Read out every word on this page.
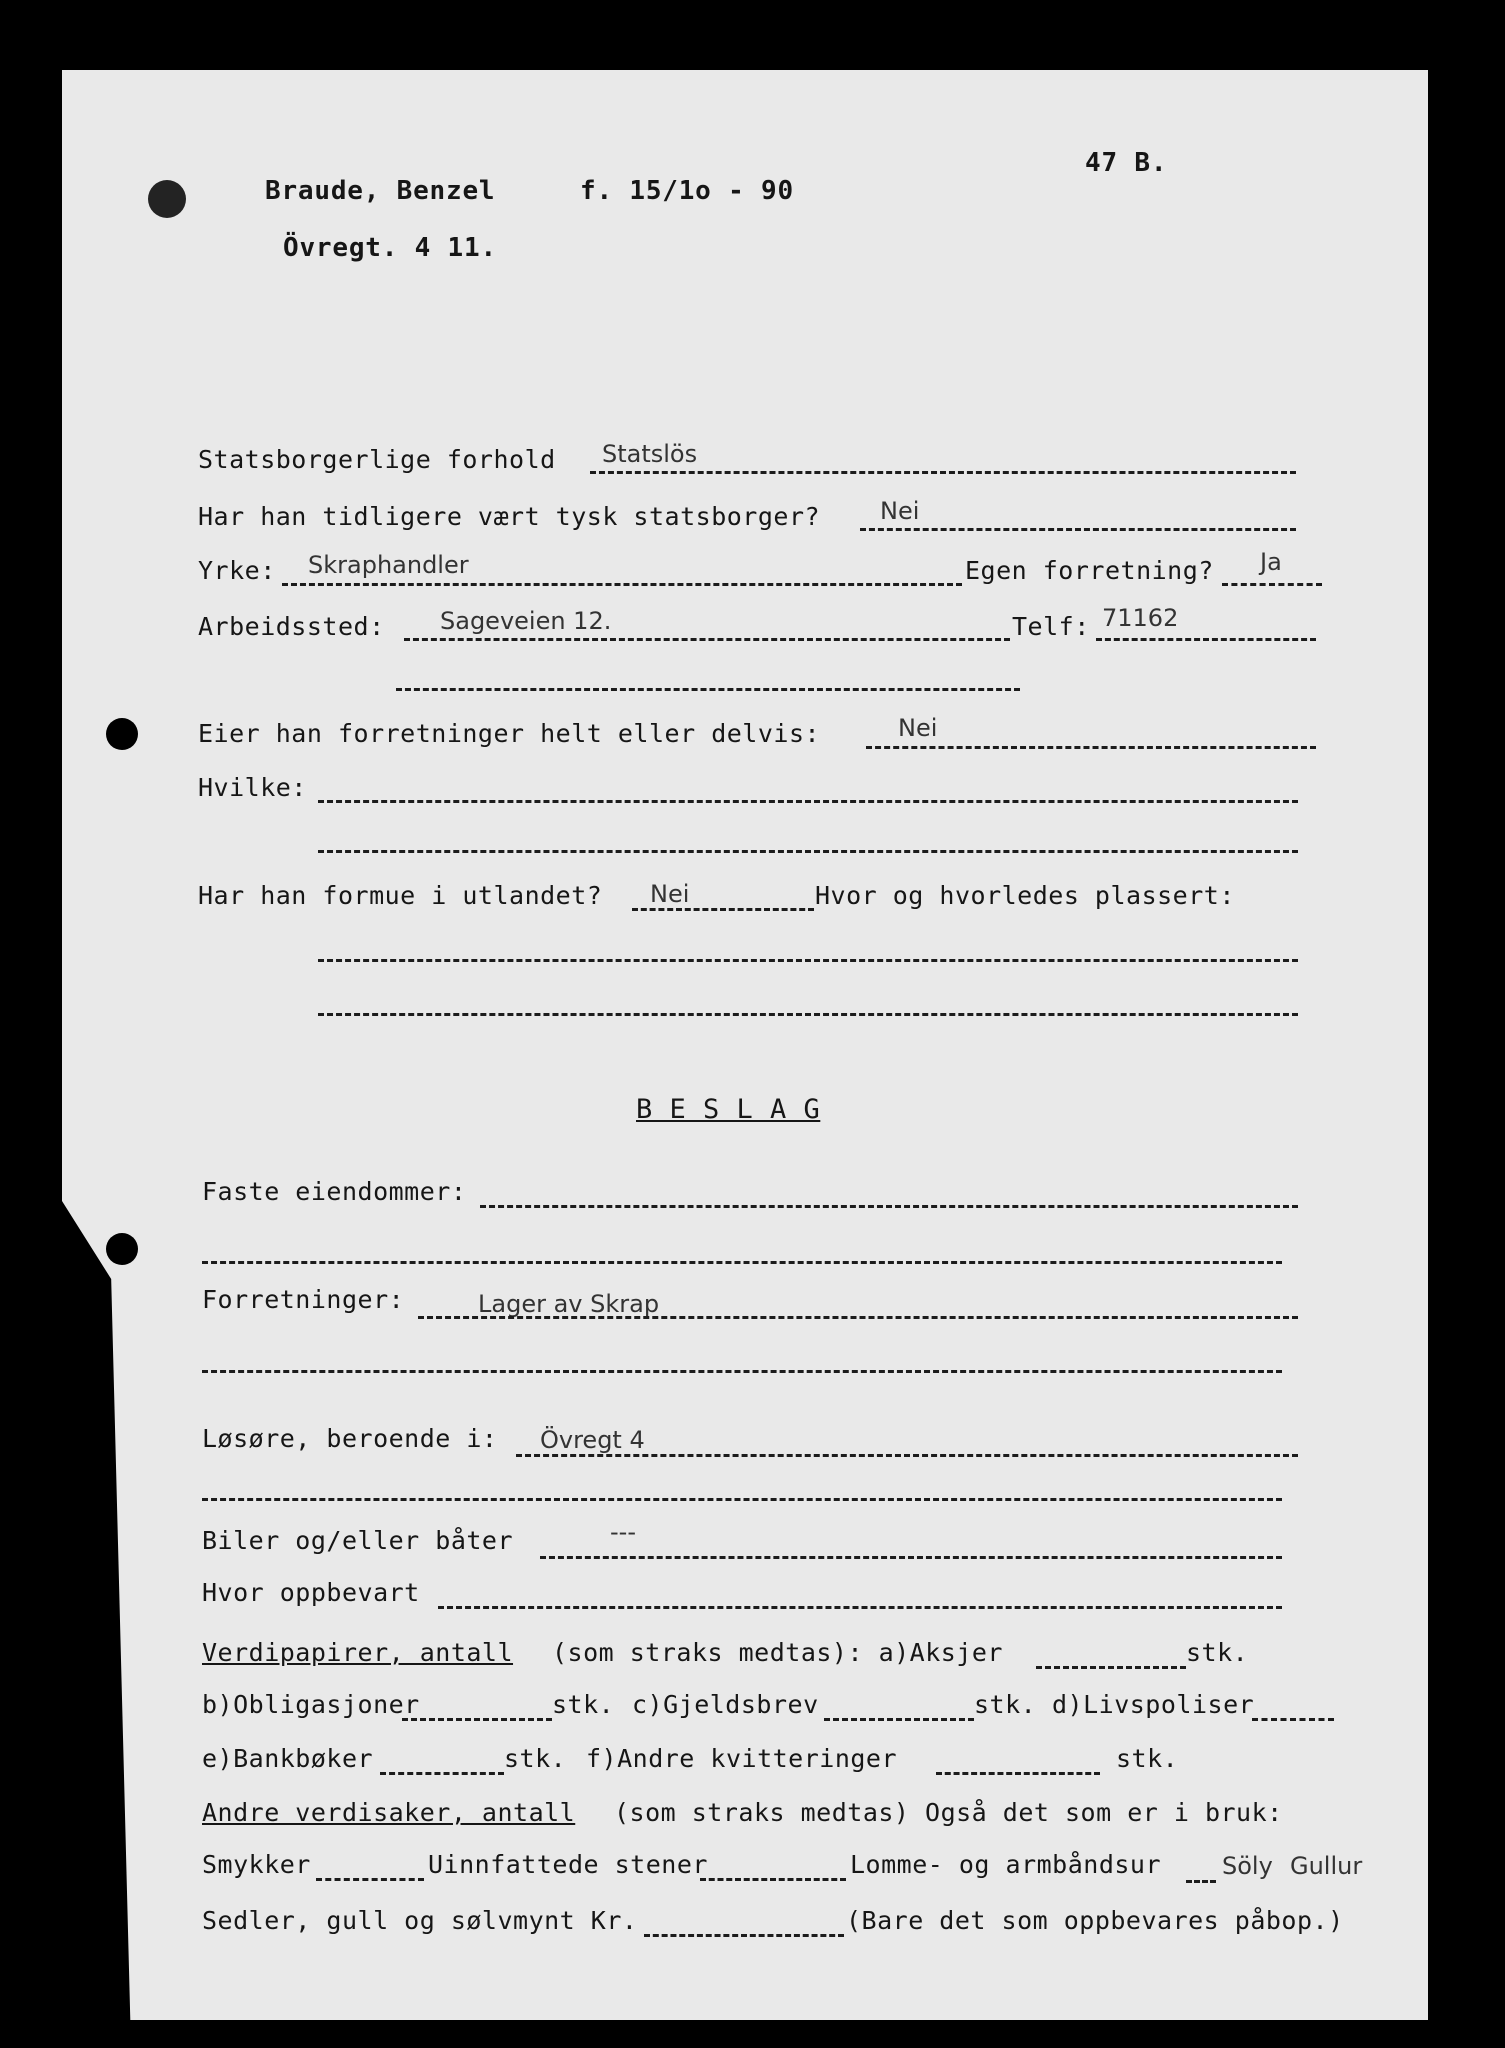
Braude, Benzel	f. 15/1o - 90
Övregt. 4 11.
47 B.
Statsborgerlige forhold Statslös
Har han tidligere vært tysk statsborger? Nei
Yrke: Skraphandler	Egen forretning? Ja
Arbeidssted: Sageveien 12.	Telf: 71162
Eier han forretninger helt eller delvis:	Nei
Hvilke:
Har han formue i utlandet? Nei	Hvor og hvorledes plassert:
B E S L A G
Faste eiendommer:
Forretninger:	Lager av Skrap
Løsøre, beroende i: Övregt 4
Biler og/eller båter	---
Hvor oppbevart
Verdipapirer, antall (som straks medtas): a)Aksjer	stk.
b)Obligasjoner	stk. c)Gjeldsbrev	stk. d)Livspoliser
e)Bankbøker	stk. f)Andre kvitteringer	stk.
Andre verdisaker, antall (som straks medtas) Også det som er i bruk:
Smykker	Uinnfattede stener	Lomme- og armbåndsur	Söly Gullur
Sedler, gull og sølvmynt Kr.	(Bare det som oppbevares påbop.)
